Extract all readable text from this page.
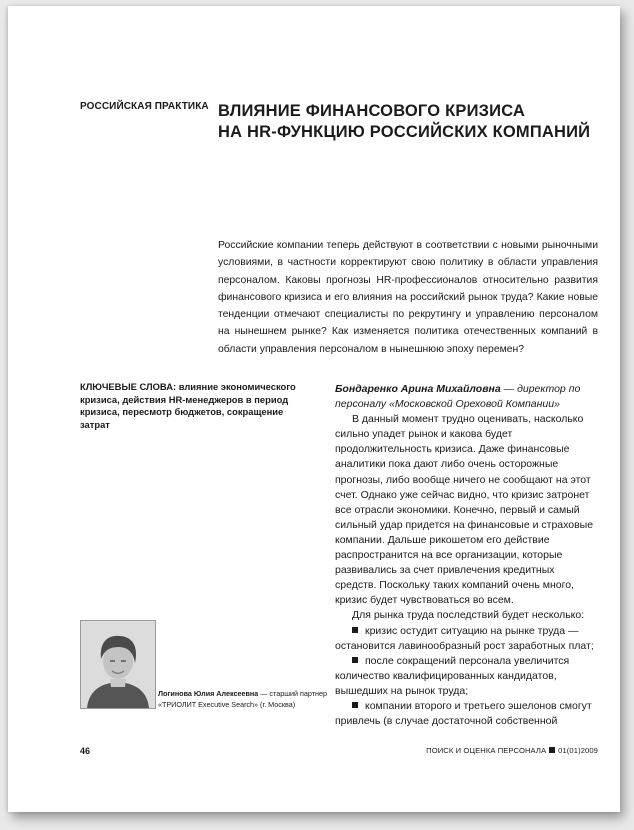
РОССИЙСКАЯ ПРАКТИКА ВЛИЯНИЕ ФИНАНСОВОГО КРИЗИСА
НА HR-ФУНКЦИЮ РОССИЙСКИХ КОМПАНИЙ
Российские компании теперь действуют в соответствии с новыми рыночными условиями, в частности корректируют свою политику в области управления персоналом. Каковы прогнозы HR-профессионалов относительно развития финансового кризиса и его влияния на российский рынок труда? Какие новые тенденции отмечают специалисты по рекрутингу и управлению персоналом на нынешнем рынке? Как изменяется политика отечественных компаний в области управления персоналом в нынешнюю эпоху перемен?
КЛЮЧЕВЫЕ СЛОВА: влияние экономического кризиса, действия HR-менеджеров в период кризиса, пересмотр бюджетов, сокращение затрат

Бондаренко Арина Михайловна — директор по персоналу «Московской Ореховой Компании»

В данный момент трудно оценивать, насколько сильно упадет рынок и какова будет продолжительность кризиса. Даже финансовые аналитики пока дают либо очень осторожные прогнозы, либо вообще ничего не сообщают на этот счет. Однако уже сейчас видно, что кризис затронет все отрасли экономики. Конечно, первый и самый сильный удар придется на финансовые и страховые компании. Дальше рикошетом его действие распространится на все организации, которые развивались за счет привлечения кредитных средств. Поскольку таких компаний очень много, кризис будет чувствоваться во всем.

Для рынка труда последствий будет несколько:

кризис остудит ситуацию на рынке труда — остановится лавинообразный рост заработных плат;

после сокращений персонала увеличится количество квалифицированных кандидатов, вышедших на рынок труда;

компании второго и третьего эшелонов смогут привлечь (в случае достаточной собственной

Логинова Юлия Алексеевна — старший партнер «ТРИОЛИТ Executive Search» (г. Москва)
46	ПОИСК И ОЦЕНКА ПЕРСОНАЛА 01(01)2009
